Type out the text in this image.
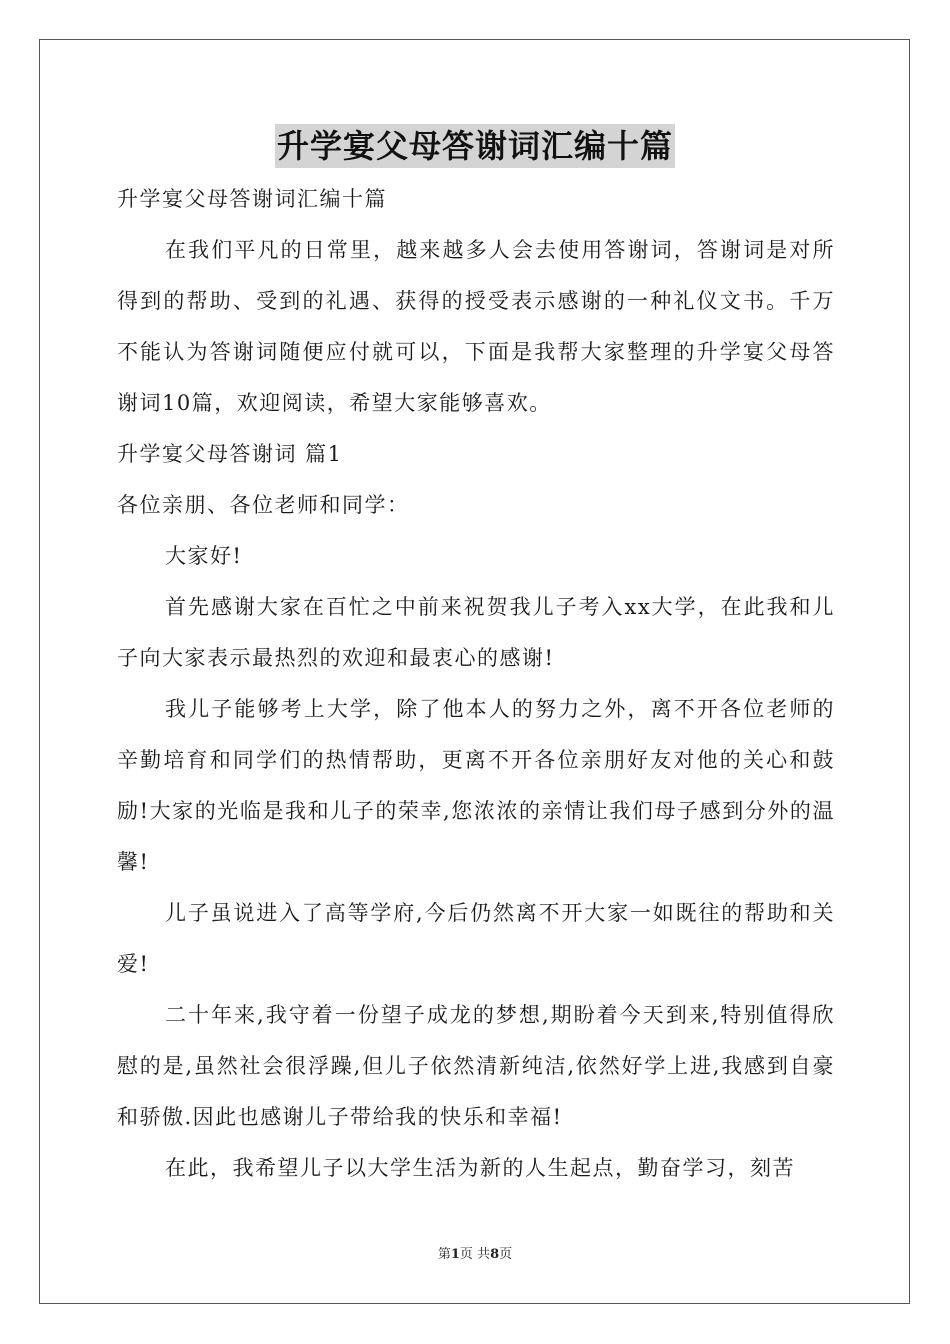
升学宴父母答谢词汇编十篇

升学宴父母答谢词汇编十篇

在我们平凡的日常里，越来越多人会去使用答谢词，答谢词是对所得到的帮助、受到的礼遇、获得的授受表示感谢的一种礼仪文书。千万不能认为答谢词随便应付就可以，下面是我帮大家整理的升学宴父母答谢词10篇，欢迎阅读，希望大家能够喜欢。

升学宴父母答谢词 篇1

各位亲朋、各位老师和同学：

大家好!

首先感谢大家在百忙之中前来祝贺我儿子考入xx大学，在此我和儿子向大家表示最热烈的欢迎和最衷心的感谢!

我儿子能够考上大学，除了他本人的努力之外，离不开各位老师的辛勤培育和同学们的热情帮助，更离不开各位亲朋好友对他的关心和鼓励!大家的光临是我和儿子的荣幸,您浓浓的亲情让我们母子感到分外的温馨!

儿子虽说进入了高等学府,今后仍然离不开大家一如既往的帮助和关爱!

二十年来,我守着一份望子成龙的梦想,期盼着今天到来,特别值得欣慰的是,虽然社会很浮躁,但儿子依然清新纯洁,依然好学上进,我感到自豪和骄傲.因此也感谢儿子带给我的快乐和幸福!

在此，我希望儿子以大学生活为新的人生起点，勤奋学习，刻苦

第1页 共8页
